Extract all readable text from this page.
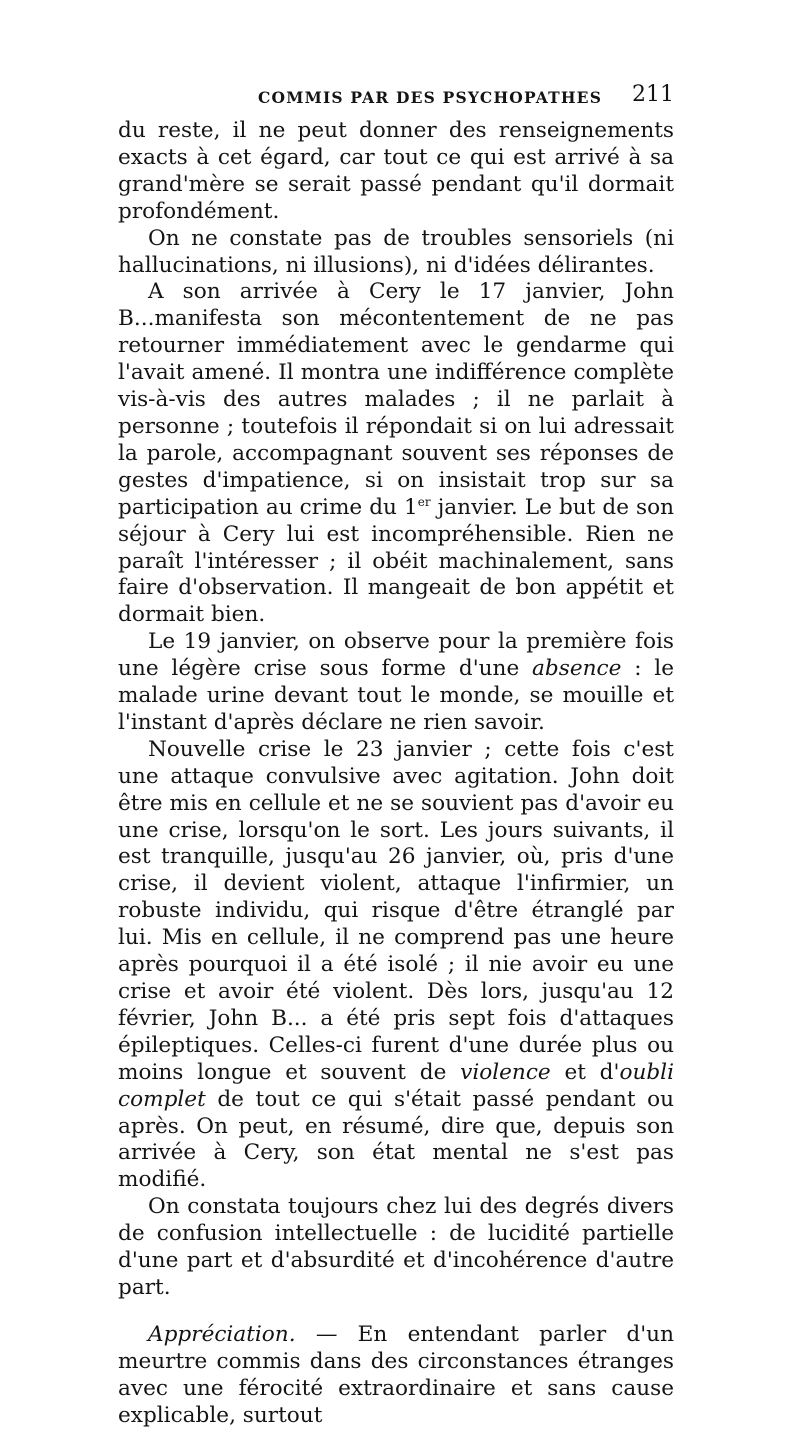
COMMIS PAR DES PSYCHOPATHES 211

du reste, il ne peut donner des renseignements exacts à cet égard, car tout ce qui est arrivé à sa grand'mère se serait passé pendant qu'il dormait profondément.

On ne constate pas de troubles sensoriels (ni hallucinations, ni illusions), ni d'idées délirantes.

A son arrivée à Cery le 17 janvier, John B...manifesta son mécontentement de ne pas retourner immédiatement avec le gendarme qui l'avait amené. Il montra une indifférence complète vis-à-vis des autres malades ; il ne parlait à personne ; toutefois il répondait si on lui adressait la parole, accompagnant souvent ses réponses de gestes d'impatience, si on insistait trop sur sa participation au crime du 1er janvier. Le but de son séjour à Cery lui est incompréhensible. Rien ne paraît l'intéresser ; il obéit machinalement, sans faire d'observation. Il mangeait de bon appétit et dormait bien.

Le 19 janvier, on observe pour la première fois une légère crise sous forme d'une absence : le malade urine devant tout le monde, se mouille et l'instant d'après déclare ne rien savoir.

Nouvelle crise le 23 janvier ; cette fois c'est une attaque convulsive avec agitation. John doit être mis en cellule et ne se souvient pas d'avoir eu une crise, lorsqu'on le sort. Les jours suivants, il est tranquille, jusqu'au 26 janvier, où, pris d'une crise, il devient violent, attaque l'infirmier, un robuste individu, qui risque d'être étranglé par lui. Mis en cellule, il ne comprend pas une heure après pourquoi il a été isolé ; il nie avoir eu une crise et avoir été violent. Dès lors, jusqu'au 12 février, John B... a été pris sept fois d'attaques épileptiques. Celles-ci furent d'une durée plus ou moins longue et souvent de violence et d'oubli complet de tout ce qui s'était passé pendant ou après. On peut, en résumé, dire que, depuis son arrivée à Cery, son état mental ne s'est pas modifié.

On constata toujours chez lui des degrés divers de confusion intellectuelle : de lucidité partielle d'une part et d'absurdité et d'incohérence d'autre part.

Appréciation. — En entendant parler d'un meurtre commis dans des circonstances étranges avec une férocité extraordinaire et sans cause explicable, surtout
